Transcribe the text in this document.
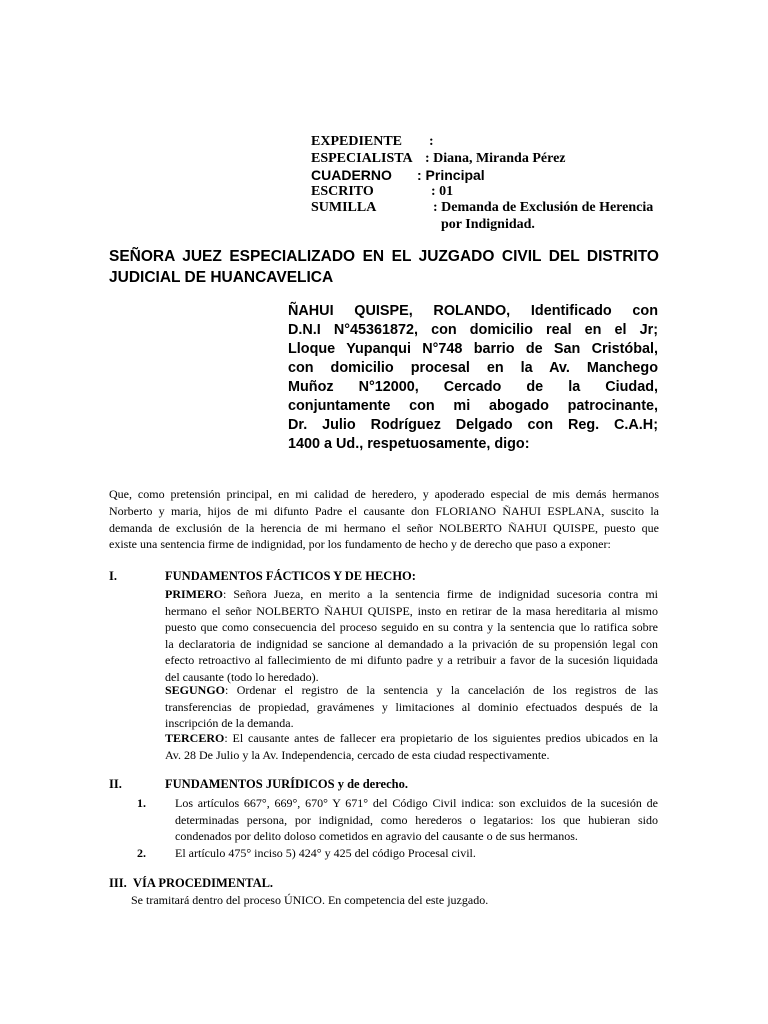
EXPEDIENTE	:
ESPECIALISTA : Diana, Miranda Pérez
CUADERNO	: Principal
ESCRITO	: 01
SUMILLA	: Demanda de Exclusión de Herencia
por Indignidad.
SEÑORA JUEZ ESPECIALIZADO EN EL JUZGADO CIVIL DEL DISTRITO
JUDICIAL DE HUANCAVELICA
ÑAHUI QUISPE, ROLANDO, Identificado con
D.N.I N°45361872, con domicilio real en el Jr;
Lloque Yupanqui N°748 barrio de San Cristóbal,
con domicilio procesal en la Av. Manchego
Muñoz N°12000, Cercado de la Ciudad,
conjuntamente con mi abogado patrocinante,
Dr. Julio Rodríguez Delgado con Reg. C.A.H;
1400 a Ud., respetuosamente, digo:
Que, como pretensión principal, en mi calidad de heredero, y apoderado especial de mis demás hermanos
Norberto y maria, hijos de mi difunto Padre el causante don FLORIANO ÑAHUI ESPLANA, suscito la
demanda de exclusión de la herencia de mi hermano el señor NOLBERTO ÑAHUI QUISPE, puesto que
existe una sentencia firme de indignidad, por los fundamento de hecho y de derecho que paso a exponer:
I.	FUNDAMENTOS FÁCTICOS Y DE HECHO:
PRIMERO: Señora Jueza, en merito a la sentencia firme de indignidad sucesoria contra mi
hermano el señor NOLBERTO ÑAHUI QUISPE, insto en retirar de la masa hereditaria al mismo
puesto que como consecuencia del proceso seguido en su contra y la sentencia que lo ratifica sobre
la declaratoria de indignidad se sancione al demandado a la privación de su propensión legal con
efecto retroactivo al fallecimiento de mi difunto padre y a retribuir a favor de la sucesión liquidada
del causante (todo lo heredado).
SEGUNGO: Ordenar el registro de la sentencia y la cancelación de los registros de las
transferencias de propiedad, gravámenes y limitaciones al dominio efectuados después de la
inscripción de la demanda.
TERCERO: El causante antes de fallecer era propietario de los siguientes predios ubicados en la
Av. 28 De Julio y la Av. Independencia, cercado de esta ciudad respectivamente.
II.	FUNDAMENTOS JURÍDICOS y de derecho.
1. Los artículos 667°, 669°, 670° Y 671° del Código Civil indica: son excluidos de la sucesión de
determinadas persona, por indignidad, como herederos o legatarios: los que hubieran sido
condenados por delito doloso cometidos en agravio del causante o de sus hermanos.
2. El artículo 475° inciso 5) 424° y 425 del código Procesal civil.
III. VÍA PROCEDIMENTAL.
Se tramitará dentro del proceso ÚNICO. En competencia del este juzgado.
